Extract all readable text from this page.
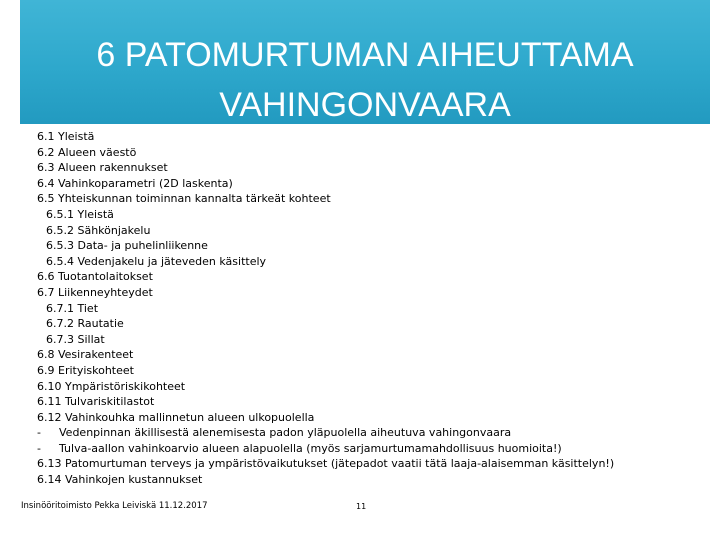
6 PATOMURTUMAN AIHEUTTAMA
VAHINGONVAARA
6.1 Yleistä
6.2 Alueen väestö
6.3 Alueen rakennukset
6.4 Vahinkoparametri (2D laskenta)
6.5 Yhteiskunnan toiminnan kannalta tärkeät kohteet
6.5.1 Yleistä
6.5.2 Sähkönjakelu
6.5.3 Data- ja puhelinliikenne
6.5.4 Vedenjakelu ja jäteveden käsittely
6.6 Tuotantolaitokset
6.7 Liikenneyhteydet
6.7.1 Tiet
6.7.2 Rautatie
6.7.3 Sillat
6.8 Vesirakenteet
6.9 Erityiskohteet
6.10 Ympäristöriskikohteet
6.11 Tulvariskitilastot
6.12 Vahinkouhka mallinnetun alueen ulkopuolella
- Vedenpinnan äkillisestä alenemisesta padon yläpuolella aiheutuva vahingonvaara
- Tulva-aallon vahinkoarvio alueen alapuolella (myös sarjamurtumamahdollisuus huomioita!)
6.13 Patomurtuman terveys ja ympäristövaikutukset (jätepadot vaatii tätä laaja-alaisemman käsittelyn!)
6.14 Vahinkojen kustannukset
Insinööritoimisto Pekka Leiviskä 11.12.2017	11
